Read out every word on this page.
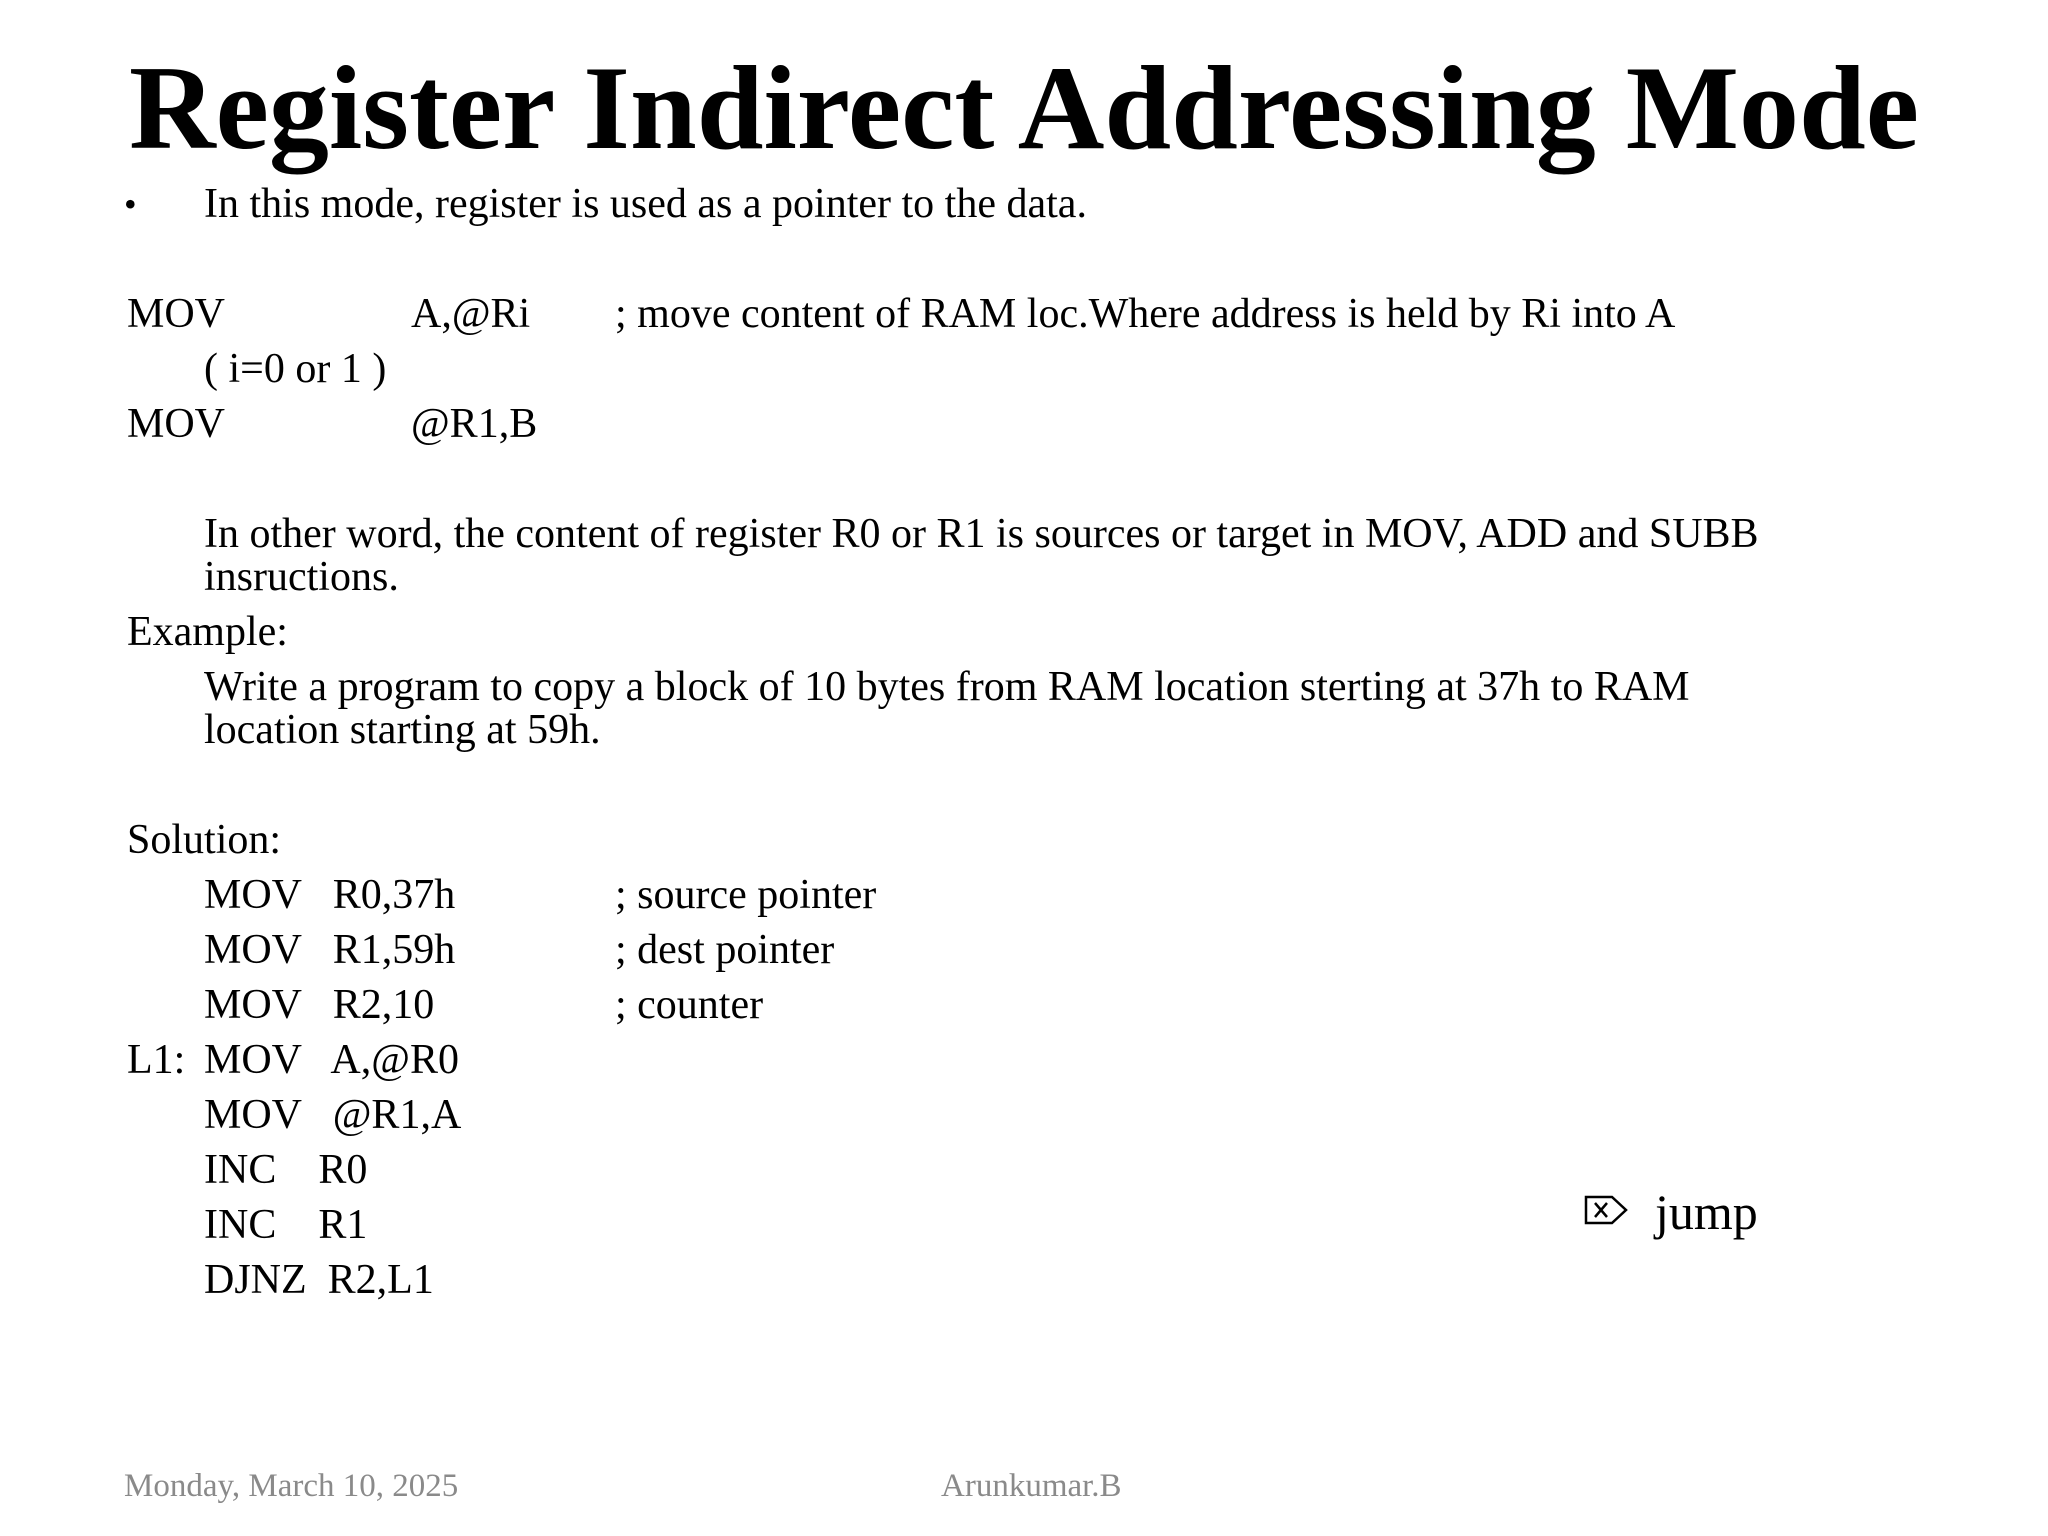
Register Indirect Addressing Mode
• In this mode, register is used as a pointer to the data.
MOV	A,@Ri ; move content of RAM loc.Where address is held by Ri into A
( i=0 or 1 )
MOV	@R1,B
In other word, the content of register R0 or R1 is sources or target in MOV, ADD and SUBB
insructions.
Example:
Write a program to copy a block of 10 bytes from RAM location sterting at 37h to RAM
location starting at 59h.
Solution:
MOV   R0,37h	; source pointer
MOV   R1,59h	; dest pointer
MOV   R2,10	; counter
L1: MOV   A,@R0
MOV   @R1,A
INC    R0
INC    R1
DJNZ  R2,L1
jump
Monday, March 10, 2025	Arunkumar.B
